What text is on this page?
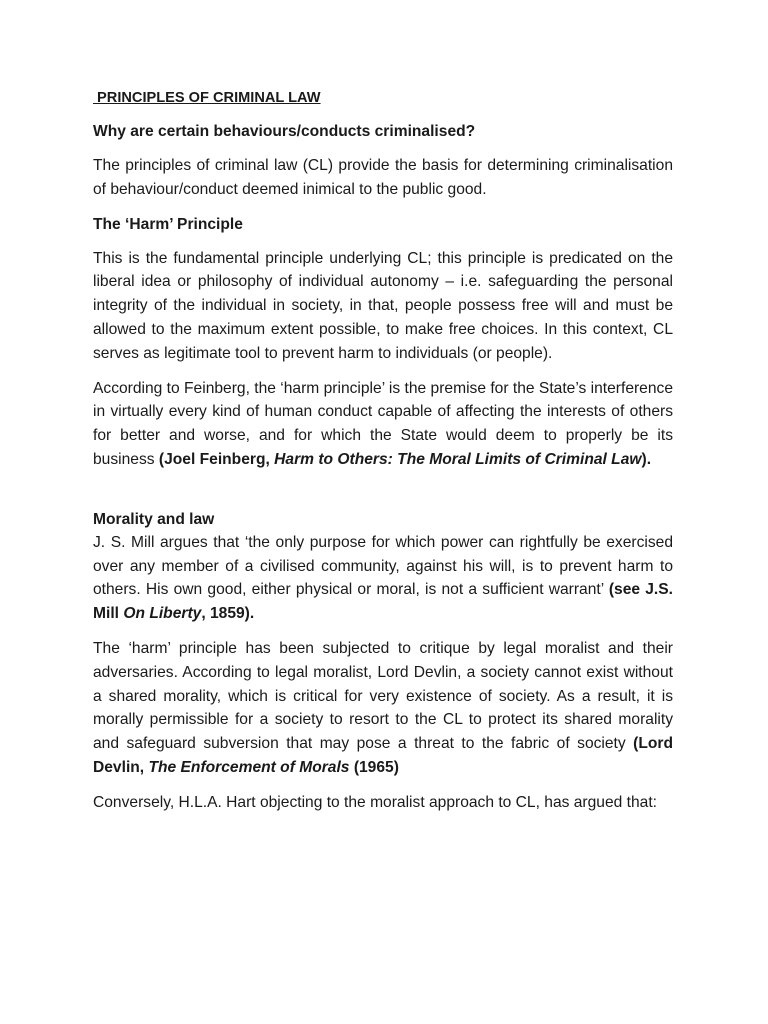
PRINCIPLES OF CRIMINAL LAW
Why are certain behaviours/conducts criminalised?

The principles of criminal law (CL) provide the basis for determining criminalisation of behaviour/conduct deemed inimical to the public good.

The ‘Harm’ Principle

This is the fundamental principle underlying CL; this principle is predicated on the liberal idea or philosophy of individual autonomy – i.e. safeguarding the personal integrity of the individual in society, in that, people possess free will and must be allowed to the maximum extent possible, to make free choices. In this context, CL serves as legitimate tool to prevent harm to individuals (or people).

According to Feinberg, the ‘harm principle’ is the premise for the State’s interference in virtually every kind of human conduct capable of affecting the interests of others for better and worse, and for which the State would deem to properly be its business (Joel Feinberg, Harm to Others: The Moral Limits of Criminal Law).

Morality and law

J. S. Mill argues that ‘the only purpose for which power can rightfully be exercised over any member of a civilised community, against his will, is to prevent harm to others. His own good, either physical or moral, is not a sufficient warrant’ (see J.S. Mill On Liberty, 1859).

The ‘harm’ principle has been subjected to critique by legal moralist and their adversaries. According to legal moralist, Lord Devlin, a society cannot exist without a shared morality, which is critical for very existence of society. As a result, it is morally permissible for a society to resort to the CL to protect its shared morality and safeguard subversion that may pose a threat to the fabric of society (Lord Devlin, The Enforcement of Morals (1965)

Conversely, H.L.A. Hart objecting to the moralist approach to CL, has argued that:
